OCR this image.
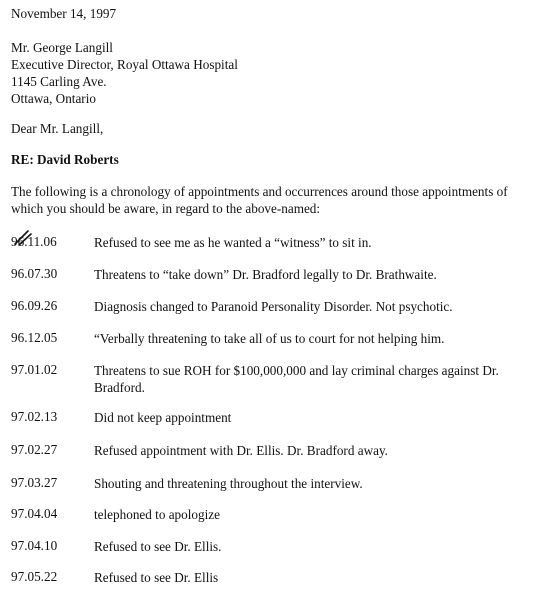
November 14, 1997
Mr. George Langill
Executive Director, Royal Ottawa Hospital
1145 Carling Ave.
Ottawa, Ontario
Dear Mr. Langill,
RE: David Roberts
The following is a chronology of appointments and occurrences around those appointments of
which you should be aware, in regard to the above-named:
96.11.06	Refused to see me as he wanted a “witness” to sit in.
96.07.30	Threatens to “take down” Dr. Bradford legally to Dr. Brathwaite.
96.09.26	Diagnosis changed to Paranoid Personality Disorder. Not psychotic.
96.12.05	“Verbally threatening to take all of us to court for not helping him.
97.01.02	Threatens to sue ROH for $100,000,000 and lay criminal charges against Dr. Bradford.
97.02.13	Did not keep appointment
97.02.27	Refused appointment with Dr. Ellis. Dr. Bradford away.
97.03.27	Shouting and threatening throughout the interview.
97.04.04	telephoned to apologize
97.04.10	Refused to see Dr. Ellis.
97.05.22	Refused to see Dr. Ellis
